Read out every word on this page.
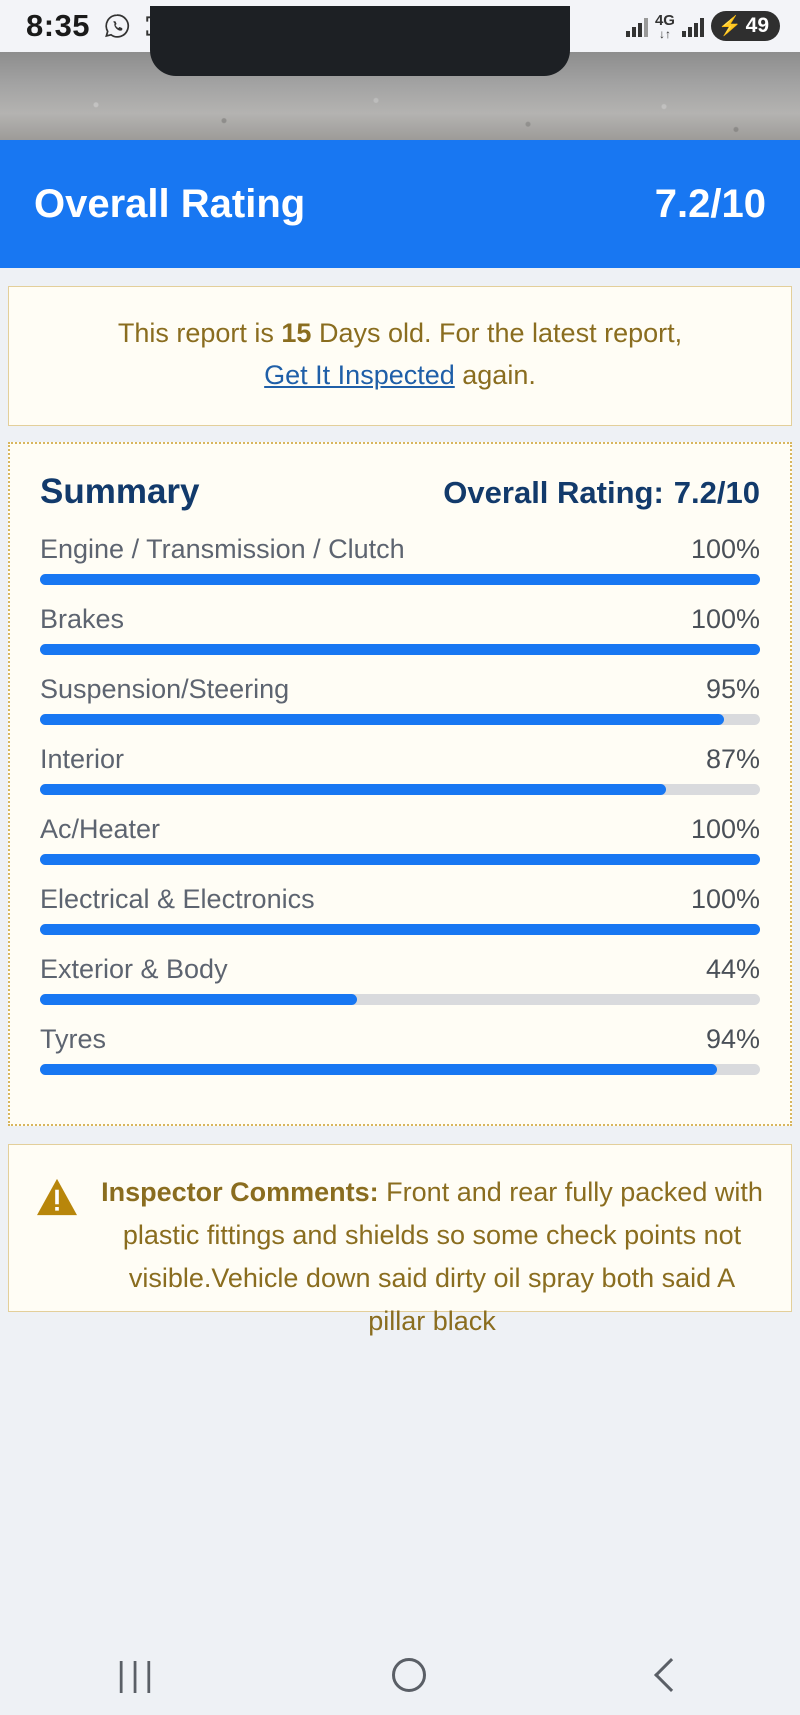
8:35	4G
↓↑ ⚡ 49
Overall Rating	7.2/10
This report is 15 Days old. For the latest report,
Get It Inspected again.
Summary	Overall Rating: 7.2/10
Engine / Transmission / Clutch	100%
Brakes	100%
Suspension/Steering	95%
Interior	87%
Ac/Heater	100%
Electrical & Electronics	100%
Exterior & Body	44%
Tyres	94%
Inspector Comments: Front and rear fully packed with plastic fittings and shields so some check points not visible.Vehicle down said dirty oil spray both said A pillar black
|||
